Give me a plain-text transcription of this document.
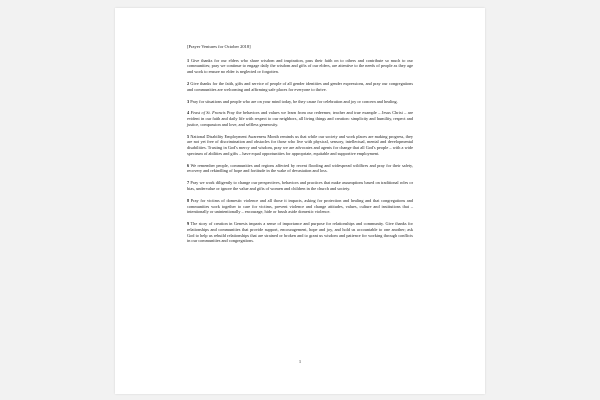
[Prayer Ventures for October 2018]

1 Give thanks for our elders who share wisdom and inspiration, pass their faith on to others and contribute so much to our communities; pray we continue to engage daily the wisdom and gifts of our elders, are attentive to the needs of people as they age and work to ensure no elder is neglected or forgotten.

2 Give thanks for the faith, gifts and service of people of all gender identities and gender expressions, and pray our congregations and communities are welcoming and affirming safe places for everyone to thrive.

3 Pray for situations and people who are on your mind today, be they cause for celebration and joy or concern and healing.

4 Feast of St. Francis Pray the behaviors and values we learn from our redeemer, teacher and true example – Jesus Christ – are evident in our faith and daily life with respect to our neighbors, all living things and creation: simplicity and humility, respect and justice, compassion and love, and selfless generosity.

5 National Disability Employment Awareness Month reminds us that while our society and work places are making progress, they are not yet free of discrimination and obstacles for those who live with physical, sensory, intellectual, mental and developmental disabilities. Trusting in God's mercy and wisdom, pray we are advocates and agents for change that all God's people – with a wide spectrum of abilities and gifts – have equal opportunities for appropriate, equitable and supportive employment.

6 We remember people, communities and regions affected by recent flooding and widespread wildfires and pray for their safety, recovery and rekindling of hope and fortitude in the wake of devastation and loss.

7 Pray we work diligently to change our perspectives, behaviors and practices that make assumptions based on traditional roles or bias, undervalue or ignore the value and gifts of women and children in the church and society.

8 Pray for victims of domestic violence and all those it impacts, asking for protection and healing and that congregations and communities work together to care for victims, prevent violence and change attitudes, values, culture and institutions that – intentionally or unintentionally – encourage, hide or brush aside domestic violence.

9 The story of creation in Genesis imparts a sense of importance and purpose for relationships and community. Give thanks for relationships and communities that provide support, encouragement, hope and joy, and hold us accountable to one another; ask God to help us rebuild relationships that are strained or broken and to grant us wisdom and patience for working through conflicts in our communities and congregations.

1
